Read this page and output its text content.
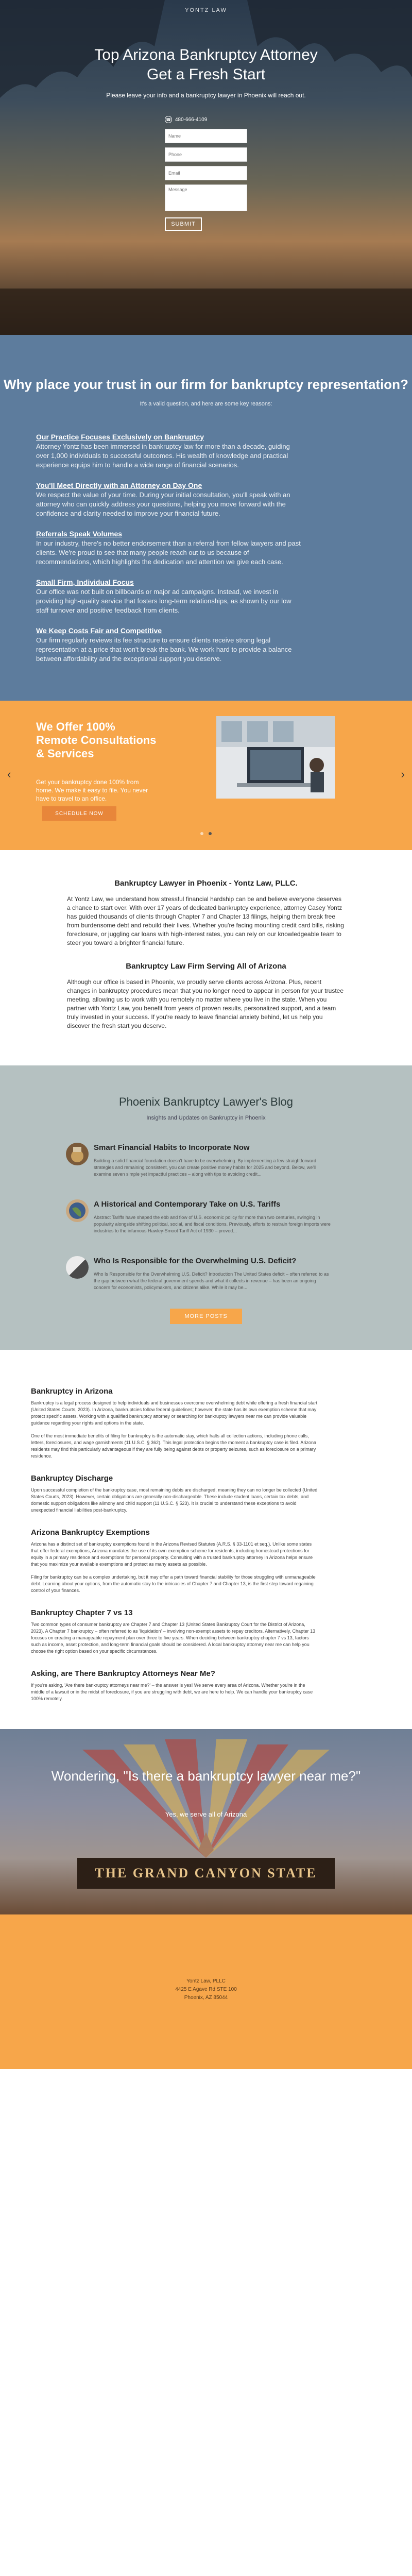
YONTZ LAW
Top Arizona Bankruptcy Attorney
Get a Fresh Start
Please leave your info and a bankruptcy lawyer in Phoenix will reach out.
☎ 480-666-4109
Name
Phone
Email
Message SUBMIT
Why place your trust in our firm for bankruptcy representation?
It's a valid question, and here are some key reasons:
Our Practice Focuses Exclusively on Bankruptcy

Attorney Yontz has been immersed in bankruptcy law for more than a decade, guiding over 1,000 individuals to successful outcomes. His wealth of knowledge and practical experience equips him to handle a wide range of financial scenarios.

You'll Meet Directly with an Attorney on Day One

We respect the value of your time. During your initial consultation, you'll speak with an attorney who can quickly address your questions, helping you move forward with the confidence and clarity needed to improve your financial future.

Referrals Speak Volumes

In our industry, there's no better endorsement than a referral from fellow lawyers and past clients. We're proud to see that many people reach out to us because of recommendations, which highlights the dedication and attention we give each case.

Small Firm, Individual Focus

Our office was not built on billboards or major ad campaigns. Instead, we invest in providing high-quality service that fosters long-term relationships, as shown by our low staff turnover and positive feedback from clients.

We Keep Costs Fair and Competitive

Our firm regularly reviews its fee structure to ensure clients receive strong legal representation at a price that won't break the bank. We work hard to provide a balance between affordability and the exceptional support you deserve.

‹	›
We Offer 100% Remote Consultations & Services

Get your bankruptcy done 100% from home. We make it easy to file. You never have to travel to an office.

SCHEDULE NOW

Bankruptcy Lawyer in Phoenix - Yontz Law, PLLC.

At Yontz Law, we understand how stressful financial hardship can be and believe everyone deserves a chance to start over. With over 17 years of dedicated bankruptcy experience, attorney Casey Yontz has guided thousands of clients through Chapter 7 and Chapter 13 filings, helping them break free from burdensome debt and rebuild their lives. Whether you're facing mounting credit card bills, risking foreclosure, or juggling car loans with high-interest rates, you can rely on our knowledgeable team to steer you toward a brighter financial future.

Bankruptcy Law Firm Serving All of Arizona

Although our office is based in Phoenix, we proudly serve clients across Arizona. Plus, recent changes in bankruptcy procedures mean that you no longer need to appear in person for your trustee meeting, allowing us to work with you remotely no matter where you live in the state. When you partner with Yontz Law, you benefit from years of proven results, personalized support, and a team truly invested in your success. If you're ready to leave financial anxiety behind, let us help you discover the fresh start you deserve.

Phoenix Bankruptcy Lawyer's Blog
Insights and Updates on Bankruptcy in Phoenix
Smart Financial Habits to Incorporate Now

Building a solid financial foundation doesn't have to be overwhelming. By implementing a few straightforward strategies and remaining consistent, you can create positive money habits for 2025 and beyond. Below, we'll examine seven simple yet impactful practices – along with tips to avoiding credit...

A Historical and Contemporary Take on U.S. Tariffs

Abstract Tariffs have shaped the ebb and flow of U.S. economic policy for more than two centuries, swinging in popularity alongside shifting political, social, and fiscal conditions. Previously, efforts to restrain foreign imports were industries to the infamous Hawley-Smoot Tariff Act of 1930 – proved...

Who Is Responsible for the Overwhelming U.S. Deficit?

Who Is Responsible for the Overwhelming U.S. Deficit? Introduction The United States deficit – often referred to as the gap between what the federal government spends and what it collects in revenue – has been an ongoing concern for economists, policymakers, and citizens alike. While it may be...

MORE POSTS
Bankruptcy in Arizona

Bankruptcy is a legal process designed to help individuals and businesses overcome overwhelming debt while offering a fresh financial start (United States Courts, 2023). In Arizona, bankruptcies follow federal guidelines; however, the state has its own exemption scheme that may protect specific assets. Working with a qualified bankruptcy attorney or searching for bankruptcy lawyers near me can provide valuable guidance regarding your rights and options in the state.

One of the most immediate benefits of filing for bankruptcy is the automatic stay, which halts all collection actions, including phone calls, letters, foreclosures, and wage garnishments (11 U.S.C. § 362). This legal protection begins the moment a bankruptcy case is filed. Arizona residents may find this particularly advantageous if they are fully being against debts or property seizures, such as foreclosure on a primary residence.

Bankruptcy Discharge

Upon successful completion of the bankruptcy case, most remaining debts are discharged, meaning they can no longer be collected (United States Courts, 2023). However, certain obligations are generally non-dischargeable. These include student loans, certain tax debts, and domestic support obligations like alimony and child support (11 U.S.C. § 523). It is crucial to understand these exceptions to avoid unexpected financial liabilities post-bankruptcy.

Arizona Bankruptcy Exemptions

Arizona has a distinct set of bankruptcy exemptions found in the Arizona Revised Statutes (A.R.S. § 33-1101 et seq.). Unlike some states that offer federal exemptions, Arizona mandates the use of its own exemption scheme for residents, including homestead protections for equity in a primary residence and exemptions for personal property. Consulting with a trusted bankruptcy attorney in Arizona helps ensure that you maximize your available exemptions and protect as many assets as possible.

Filing for bankruptcy can be a complex undertaking, but it may offer a path toward financial stability for those struggling with unmanageable debt. Learning about your options, from the automatic stay to the intricacies of Chapter 7 and Chapter 13, is the first step toward regaining control of your finances.

Bankruptcy Chapter 7 vs 13

Two common types of consumer bankruptcy are Chapter 7 and Chapter 13 (United States Bankruptcy Court for the District of Arizona, 2023). A Chapter 7 bankruptcy – often referred to as 'liquidation' – involving non-exempt assets to repay creditors. Alternatively, Chapter 13 focuses on creating a manageable repayment plan over three to five years. When deciding between bankruptcy chapter 7 vs 13, factors such as income, asset protection, and long-term financial goals should be considered. A local bankruptcy attorney near me can help you choose the right option based on your specific circumstances.

Asking, are There Bankruptcy Attorneys Near Me?

If you're asking, 'Are there bankruptcy attorneys near me?' – the answer is yes! We serve every area of Arizona. Whether you're in the middle of a lawsuit or in the midst of foreclosure, if you are struggling with debt, we are here to help. We can handle your bankruptcy case 100% remotely.

Wondering, "Is there a bankruptcy lawyer near me?"
Yes, we serve all of Arizona
THE GRAND CANYON STATE
Yontz Law, PLLC
4425 E Agave Rd STE 100
Phoenix, AZ 85044
